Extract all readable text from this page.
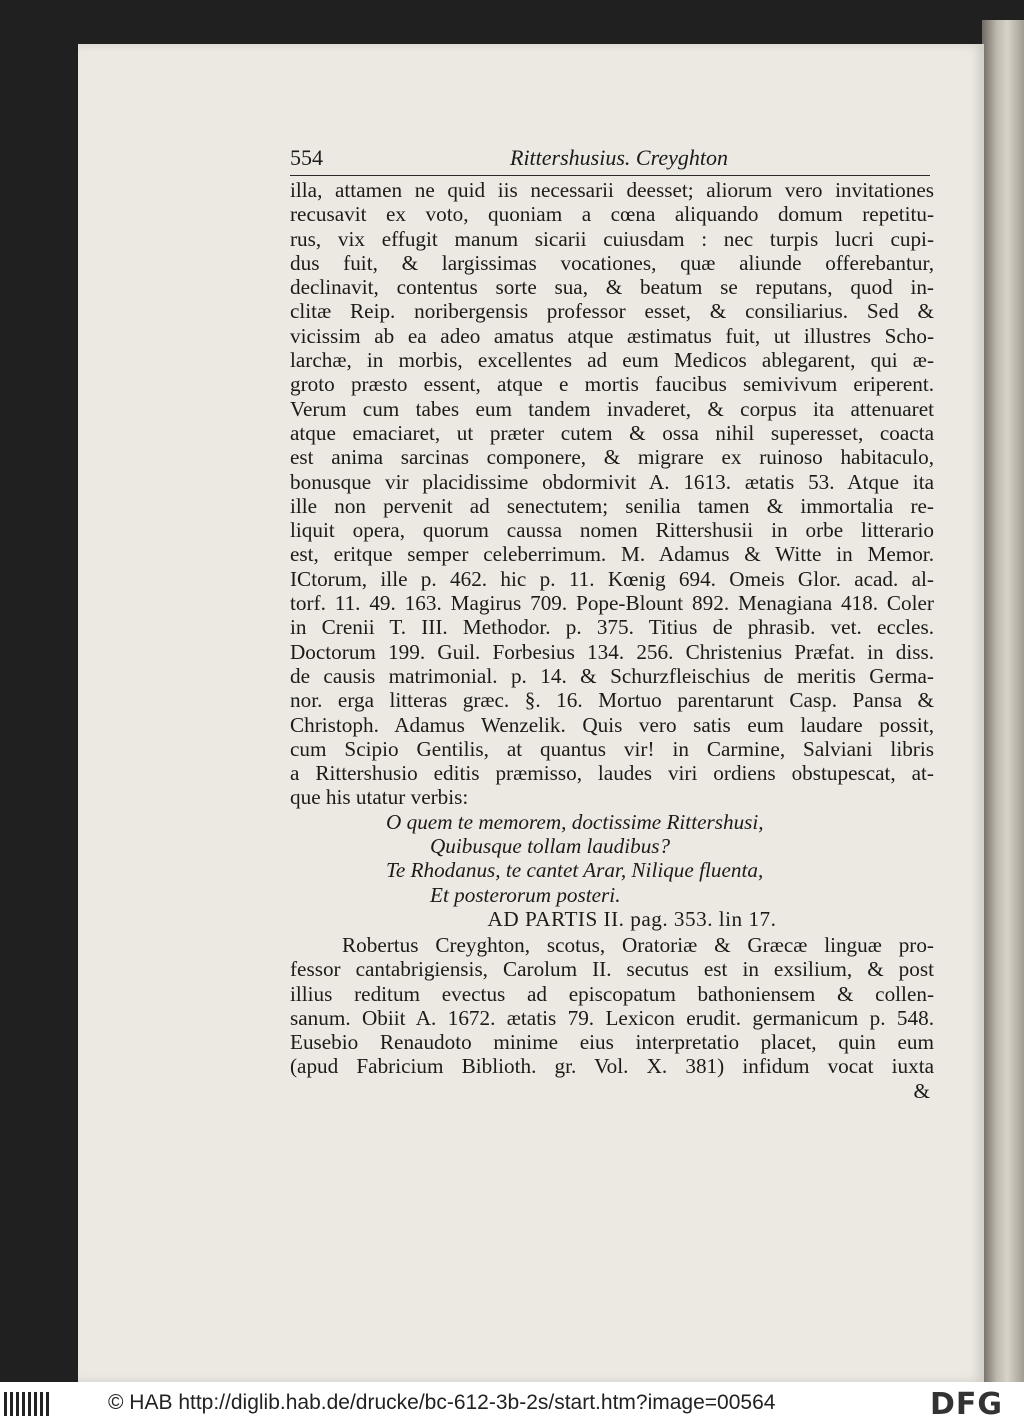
554	Rittershusius. Creyghton
illa, attamen ne quid iis necessarii deesset; aliorum vero invitationes
recusavit ex voto, quoniam a cœna aliquando domum repetitu-
rus, vix effugit manum sicarii cuiusdam : nec turpis lucri cupi-
dus fuit, & largissimas vocationes, quæ aliunde offerebantur,
declinavit, contentus sorte sua, & beatum se reputans, quod in-
clitæ Reip. noribergensis professor esset, & consiliarius. Sed &
vicissim ab ea adeo amatus atque æstimatus fuit, ut illustres Scho-
larchæ, in morbis, excellentes ad eum Medicos ablegarent, qui æ-
groto præsto essent, atque e mortis faucibus semivivum eriperent.
Verum cum tabes eum tandem invaderet, & corpus ita attenuaret
atque emaciaret, ut præter cutem & ossa nihil superesset, coacta
est anima sarcinas componere, & migrare ex ruinoso habitaculo,
bonusque vir placidissime obdormivit A. 1613. ætatis 53. Atque ita
ille non pervenit ad senectutem; senilia tamen & immortalia re-
liquit opera, quorum caussa nomen Rittershusii in orbe litterario
est, eritque semper celeberrimum. M. Adamus & Witte in Memor.
ICtorum, ille p. 462. hic p. 11. Kœnig 694. Omeis Glor. acad. al-
torf. 11. 49. 163. Magirus 709. Pope-Blount 892. Menagiana 418. Coler
in Crenii T. III. Methodor. p. 375. Titius de phrasib. vet. eccles.
Doctorum 199. Guil. Forbesius 134. 256. Christenius Præfat. in diss.
de causis matrimonial. p. 14. & Schurzfleischius de meritis Germa-
nor. erga litteras græc. §. 16. Mortuo parentarunt Casp. Pansa &
Christoph. Adamus Wenzelik. Quis vero satis eum laudare possit,
cum Scipio Gentilis, at quantus vir! in Carmine, Salviani libris
a Rittershusio editis præmisso, laudes viri ordiens obstupescat, at-
que his utatur verbis:
O quem te memorem, doctissime Rittershusi,
Quibusque tollam laudibus?
Te Rhodanus, te cantet Arar, Nilique fluenta,
Et posterorum posteri.
AD PARTIS II. pag. 353. lin 17.
Robertus Creyghton, scotus, Oratoriæ & Græcæ linguæ pro-
fessor cantabrigiensis, Carolum II. secutus est in exsilium, & post
illius reditum evectus ad episcopatum bathoniensem & collen-
sanum. Obiit A. 1672. ætatis 79. Lexicon erudit. germanicum p. 548.
Eusebio Renaudoto minime eius interpretatio placet, quin eum
(apud Fabricium Biblioth. gr. Vol. X. 381) infidum vocat iuxta
&
© HAB http://diglib.hab.de/drucke/bc-612-3b-2s/start.htm?image=00564	DFG
